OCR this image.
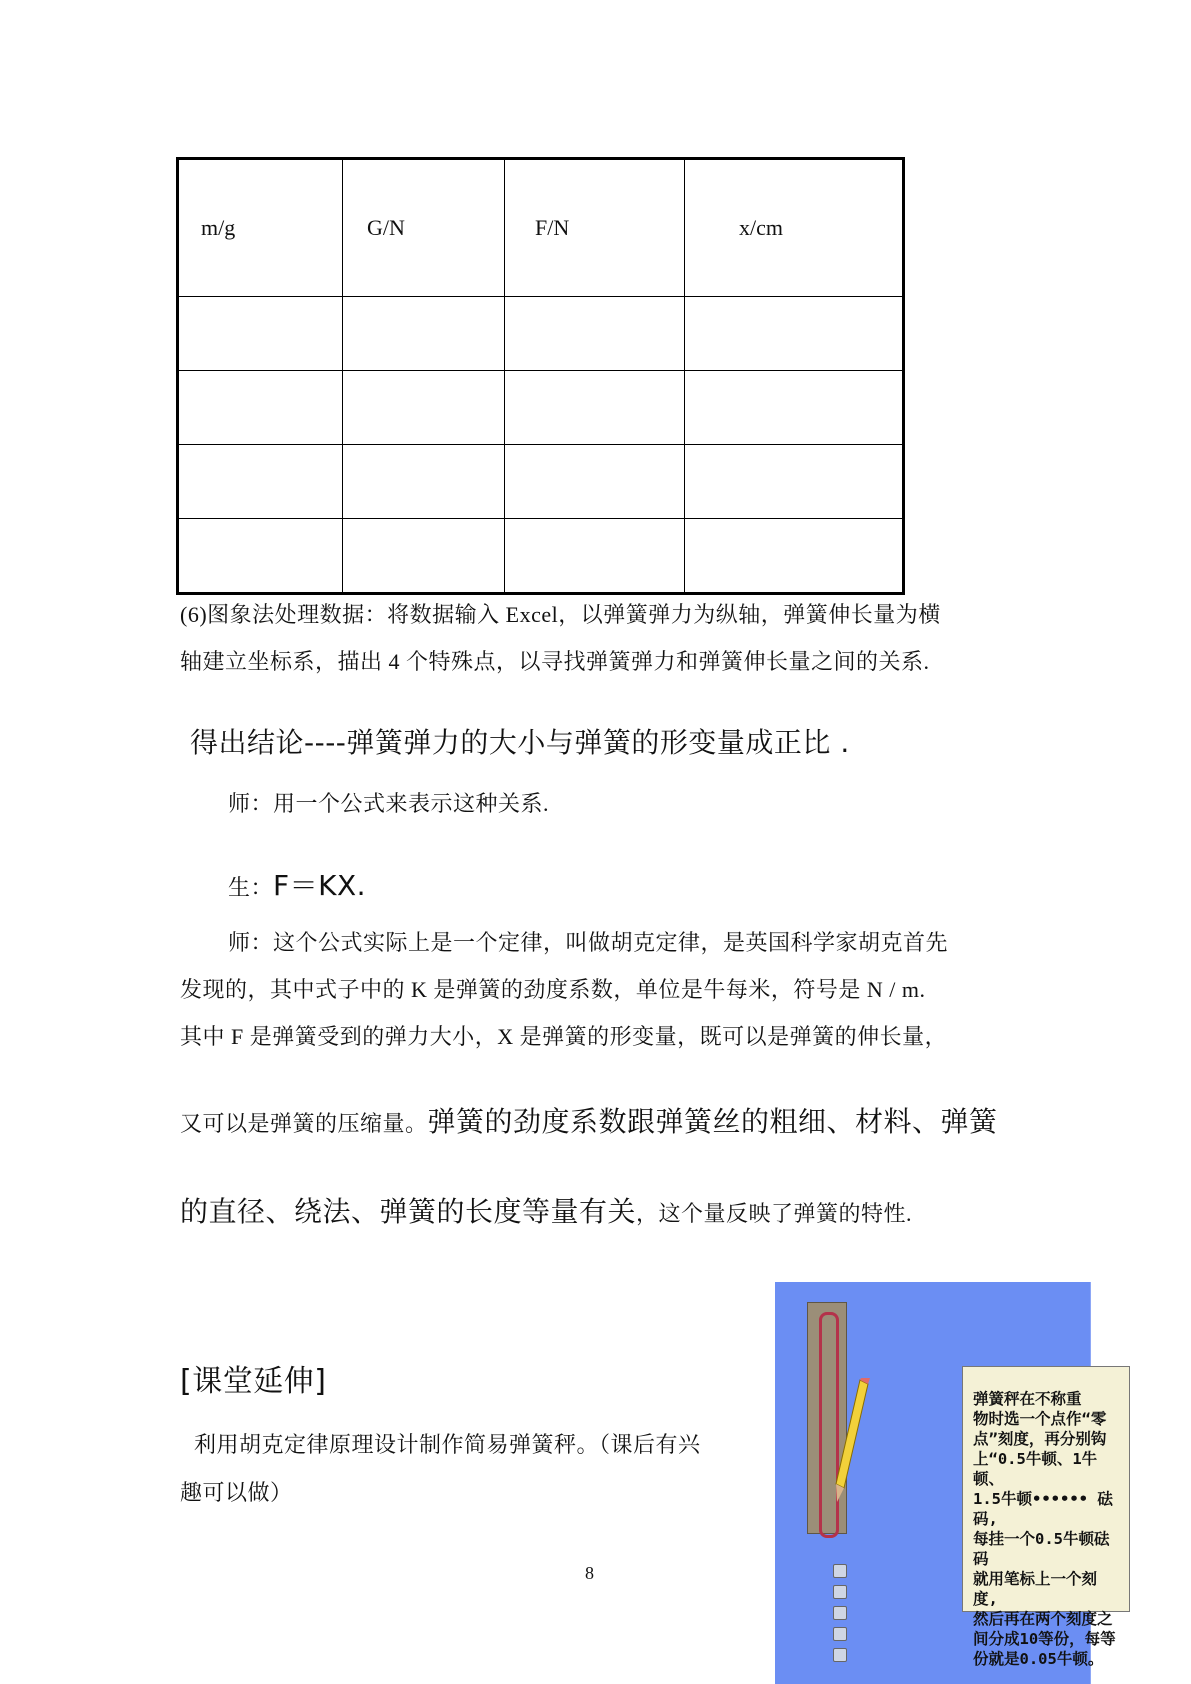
m/g	G/N	F/N	x/cm

(6)图象法处理数据：将数据输入 Excel，以弹簧弹力为纵轴，弹簧伸长量为横
轴建立坐标系，描出 4 个特殊点，以寻找弹簧弹力和弹簧伸长量之间的关系.
得出结论----弹簧弹力的大小与弹簧的形变量成正比 .
师：用一个公式来表示这种关系.
生：F＝KX.
师：这个公式实际上是一个定律，叫做胡克定律，是英国科学家胡克首先
发现的，其中式子中的 K 是弹簧的劲度系数，单位是牛每米，符号是 N / m.
其中 F 是弹簧受到的弹力大小，X 是弹簧的形变量，既可以是弹簧的伸长量，
又可以是弹簧的压缩量。弹簧的劲度系数跟弹簧丝的粗细、材料、弹簧
的直径、绕法、弹簧的长度等量有关，这个量反映了弹簧的特性.
[课堂延伸]
利用胡克定律原理设计制作简易弹簧秤。（课后有兴
趣可以做）
8
弹簧秤在不称重
物时选一个点作“零
点”刻度，再分别钩
上“0.5牛顿、1牛顿、
1.5牛顿•••••• 砝码,
每挂一个0.5牛顿砝码
就用笔标上一个刻度,
然后再在两个刻度之
间分成10等份，每等
份就是0.05牛顿。
